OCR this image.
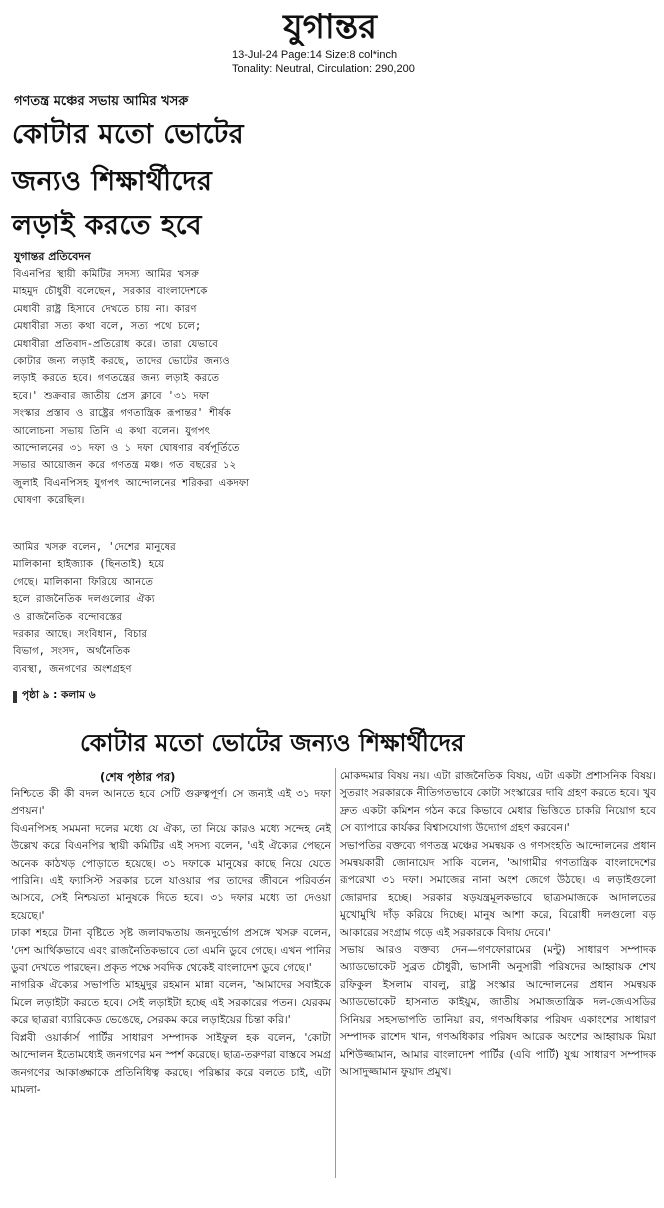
যুগান্তর
13-Jul-24 Page:14 Size:8 col*inch
Tonality: Neutral, Circulation: 290,200
গণতন্ত্র মঞ্চের সভায় আমির খসরু
কোটার মতো ভোটের
জন্যও শিক্ষার্থীদের
লড়াই করতে হবে
যুগান্তর প্রতিবেদন
বিএনপির স্থায়ী কমিটির সদস্য আমির খসরু
মাহমুদ চৌধুরী বলেছেন, সরকার বাংলাদেশকে
মেধাবী রাষ্ট্র হিসাবে দেখতে চায় না। কারণ
মেধাবীরা সত্য কথা বলে, সত্য পথে চলে;
মেধাবীরা প্রতিবাদ-প্রতিরোধ করে। তারা যেভাবে
কোটার জন্য লড়াই করছে, তাদের ভোটের জন্যও
লড়াই করতে হবে। গণতন্ত্রের জন্য লড়াই করতে
হবে।' শুক্রবার জাতীয় প্রেস ক্লাবে '৩১ দফা
সংস্কার প্রস্তাব ও রাষ্ট্রের গণতান্ত্রিক রূপান্তর' শীর্ষক
আলোচনা সভায় তিনি এ কথা বলেন। যুগপৎ
আন্দোলনের ৩১ দফা ও ১ দফা ঘোষণার বর্ষপূর্তিতে
সভার আয়োজন করে গণতন্ত্র মঞ্চ। গত বছরের ১২
জুলাই বিএনপিসহ যুগপৎ আন্দোলনের শরিকরা একদফা
ঘোষণা করেছিল।
আমির খসরু বলেন, 'দেশের মানুষের
মালিকানা হাইজ্যাক (ছিনতাই) হয়ে
গেছে। মালিকানা ফিরিয়ে আনতে
হলে রাজনৈতিক দলগুলোর ঐক্য
ও রাজনৈতিক বন্দোবস্তের
দরকার আছে। সংবিধান, বিচার
বিভাগ, সংসদ, অর্থনৈতিক
ব্যবস্থা, জনগণের অংশগ্রহণ
পৃষ্ঠা ৯ : কলাম ৬
কোটার মতো ভোটের জন্যও শিক্ষার্থীদের
(শেষ পৃষ্ঠার পর)

নিশ্চিতে কী কী বদল আনতে হবে সেটি গুরুত্বপূর্ণ। সে জন্যই এই ৩১ দফা প্রণয়ন।'

বিএনপিসহ সমমনা দলের মধ্যে যে ঐক্য, তা নিয়ে কারও মধ্যে সন্দেহ নেই উল্লেখ করে বিএনপির স্থায়ী কমিটির এই সদস্য বলেন, 'এই ঐক্যের পেছনে অনেক কাঠখড় পোড়াতে হয়েছে। ৩১ দফাকে মানুষের কাছে নিয়ে যেতে পারিনি। এই ফ্যাসিস্ট সরকার চলে যাওয়ার পর তাদের জীবনে পরিবর্তন আসবে, সেই নিশ্চয়তা মানুষকে দিতে হবে। ৩১ দফার মধ্যে তা দেওয়া হয়েছে।'

ঢাকা শহরে টানা বৃষ্টিতে সৃষ্ট জলাবদ্ধতায় জনদুর্ভোগ প্রসঙ্গে খসরু বলেন, 'দেশ আর্থিকভাবে এবং রাজনৈতিকভাবে তো এমনি ডুবে গেছে। এখন পানির ডুবা দেখতে পারছেন। প্রকৃত পক্ষে সবদিক থেকেই বাংলাদেশ ডুবে গেছে।'

নাগরিক ঐক্যের সভাপতি মাহমুদুর রহমান মান্না বলেন, 'আমাদের সবাইকে মিলে লড়াইটা করতে হবে। সেই লড়াইটা হচ্ছে এই সরকারের পতন। যেরকম করে ছাত্ররা ব্যারিকেড ভেঙেছে, সেরকম করে লড়াইয়ের চিন্তা করি।'

বিপ্লবী ওয়ার্কার্স পার্টির সাধারণ সম্পাদক সাইফুল হক বলেন, 'কোটা আন্দোলন ইতোমধ্যেই জনগণের মন স্পর্শ করেছে। ছাত্র-তরুণরা বাস্তবে সমগ্র জনগণের আকাঙ্ক্ষাকে প্রতিনিধিত্ব করছে। পরিষ্কার করে বলতে চাই, এটা মামলা-

মোকদ্দমার বিষয় নয়। এটা রাজনৈতিক বিষয়, এটা একটা প্রশাসনিক বিষয়। সুতরাং সরকারকে নীতিগতভাবে কোটা সংস্কারের দাবি গ্রহণ করতে হবে। খুব দ্রুত একটা কমিশন গঠন করে কিভাবে মেধার ভিত্তিতে চাকরি নিয়োগ হবে সে ব্যাপারে কার্যকর বিশ্বাসযোগ্য উদ্যোগ গ্রহণ করবেন।'

সভাপতির বক্তব্যে গণতন্ত্র মঞ্চের সমন্বয়ক ও গণসংহতি আন্দোলনের প্রধান সমন্বয়কারী জোনায়েদ সাকি বলেন, 'আগামীর গণতান্ত্রিক বাংলাদেশের রূপরেখা ৩১ দফা। সমাজের নানা অংশ জেগে উঠছে। এ লড়াইগুলো জোরদার হচ্ছে। সরকার ষড়যন্ত্রমূলকভাবে ছাত্রসমাজকে আদালতের মুখোমুখি দাঁড় করিয়ে দিচ্ছে। মানুষ আশা করে, বিরোধী দলগুলো বড় আকারের সংগ্রাম গড়ে এই সরকারকে বিদায় দেবে।'

সভায় আরও বক্তব্য দেন—গণফোরামের (মন্টু) সাধারণ সম্পাদক অ্যাডভোকেট সুব্রত চৌধুরী, ভাসানী অনুসারী পরিষদের আহ্বায়ক শেখ রফিকুল ইসলাম বাবলু, রাষ্ট্র সংস্কার আন্দোলনের প্রধান সমন্বয়ক অ্যাডভোকেট হাসনাত কাইয়ুম, জাতীয় সমাজতান্ত্রিক দল-জেএসডির সিনিয়র সহসভাপতি তানিয়া রব, গণঅধিকার পরিষদ একাংশের সাধারণ সম্পাদক রাশেদ খান, গণঅধিকার পরিষদ আরেক অংশের আহ্বায়ক মিয়া মশিউজ্জামান, আমার বাংলাদেশ পার্টির (এবি পার্টি) যুগ্ম সাধারণ সম্পাদক আসাদুজ্জামান ফুয়াদ প্রমুখ।
